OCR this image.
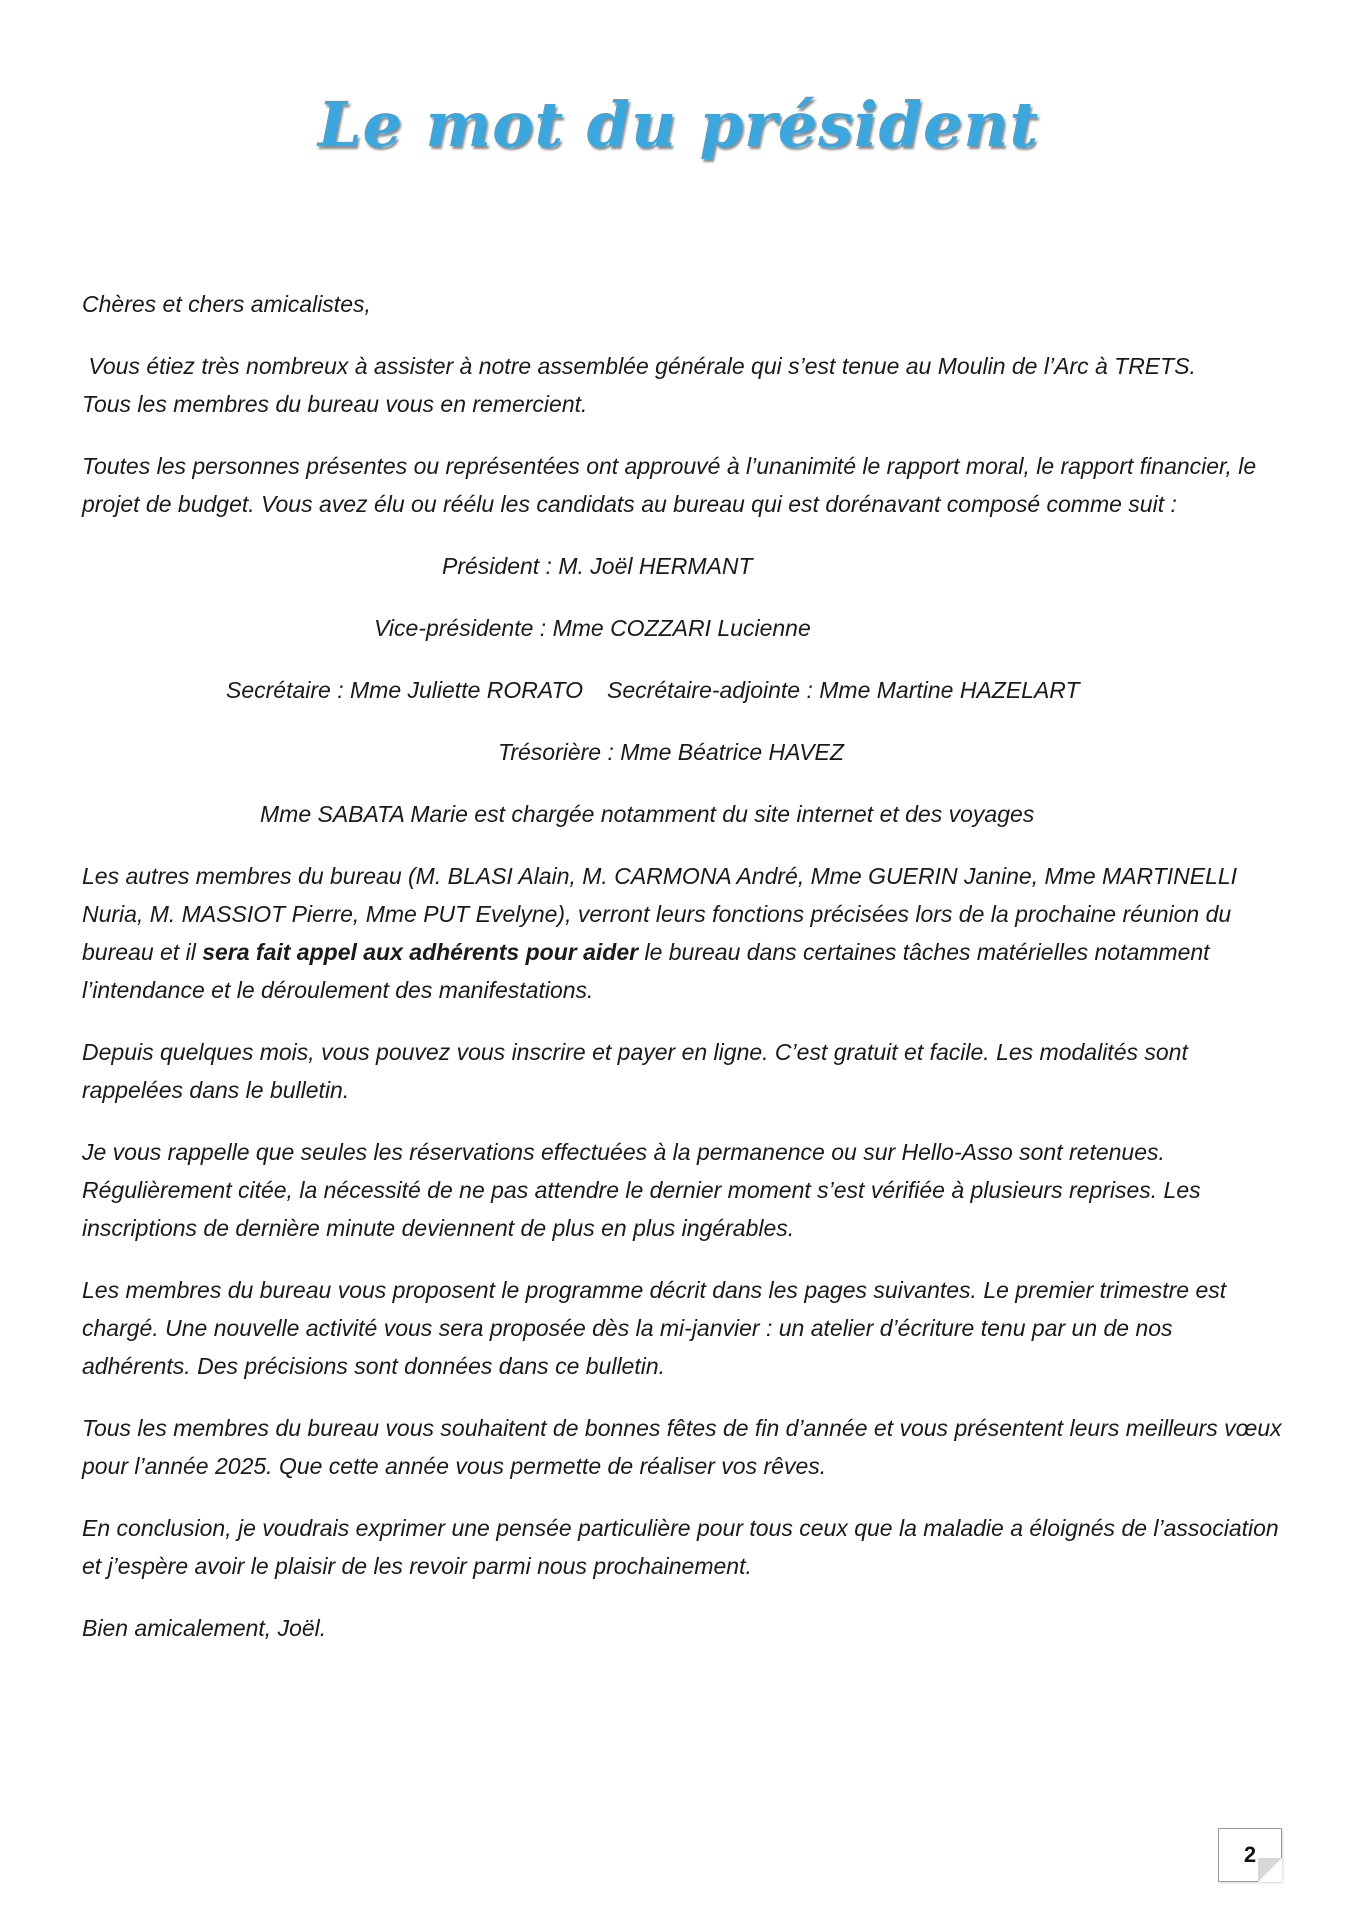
Le mot du président

Chères et chers amicalistes,

Vous étiez très nombreux à assister à notre assemblée générale qui s’est tenue au Moulin de l’Arc à TRETS.
Tous les membres du bureau vous en remercient.

Toutes les personnes présentes ou représentées ont approuvé à l’unanimité le rapport moral, le rapport financier, le projet de budget. Vous avez élu ou réélu les candidats au bureau qui est dorénavant composé comme suit :

Président : M. Joël HERMANT

Vice-présidente : Mme COZZARI Lucienne

Secrétaire : Mme Juliette RORATO Secrétaire-adjointe : Mme Martine HAZELART

Trésorière : Mme Béatrice HAVEZ

Mme SABATA Marie est chargée notamment du site internet et des voyages

Les autres membres du bureau (M. BLASI Alain, M. CARMONA André, Mme GUERIN Janine, Mme MARTINELLI Nuria, M. MASSIOT Pierre, Mme PUT Evelyne), verront leurs fonctions précisées lors de la prochaine réunion du bureau et il sera fait appel aux adhérents pour aider le bureau dans certaines tâches matérielles notamment l’intendance et le déroulement des manifestations.

Depuis quelques mois, vous pouvez vous inscrire et payer en ligne. C’est gratuit et facile. Les modalités sont rappelées dans le bulletin.

Je vous rappelle que seules les réservations effectuées à la permanence ou sur Hello-Asso sont retenues. Régulièrement citée, la nécessité de ne pas attendre le dernier moment s’est vérifiée à plusieurs reprises. Les inscriptions de dernière minute deviennent de plus en plus ingérables.

Les membres du bureau vous proposent le programme décrit dans les pages suivantes. Le premier trimestre est chargé. Une nouvelle activité vous sera proposée dès la mi-janvier : un atelier d’écriture tenu par un de nos adhérents. Des précisions sont données dans ce bulletin.

Tous les membres du bureau vous souhaitent de bonnes fêtes de fin d’année et vous présentent leurs meilleurs vœux pour l’année 2025. Que cette année vous permette de réaliser vos rêves.

En conclusion, je voudrais exprimer une pensée particulière pour tous ceux que la maladie a éloignés de l’association et j’espère avoir le plaisir de les revoir parmi nous prochainement.

Bien amicalement, Joël.

2
